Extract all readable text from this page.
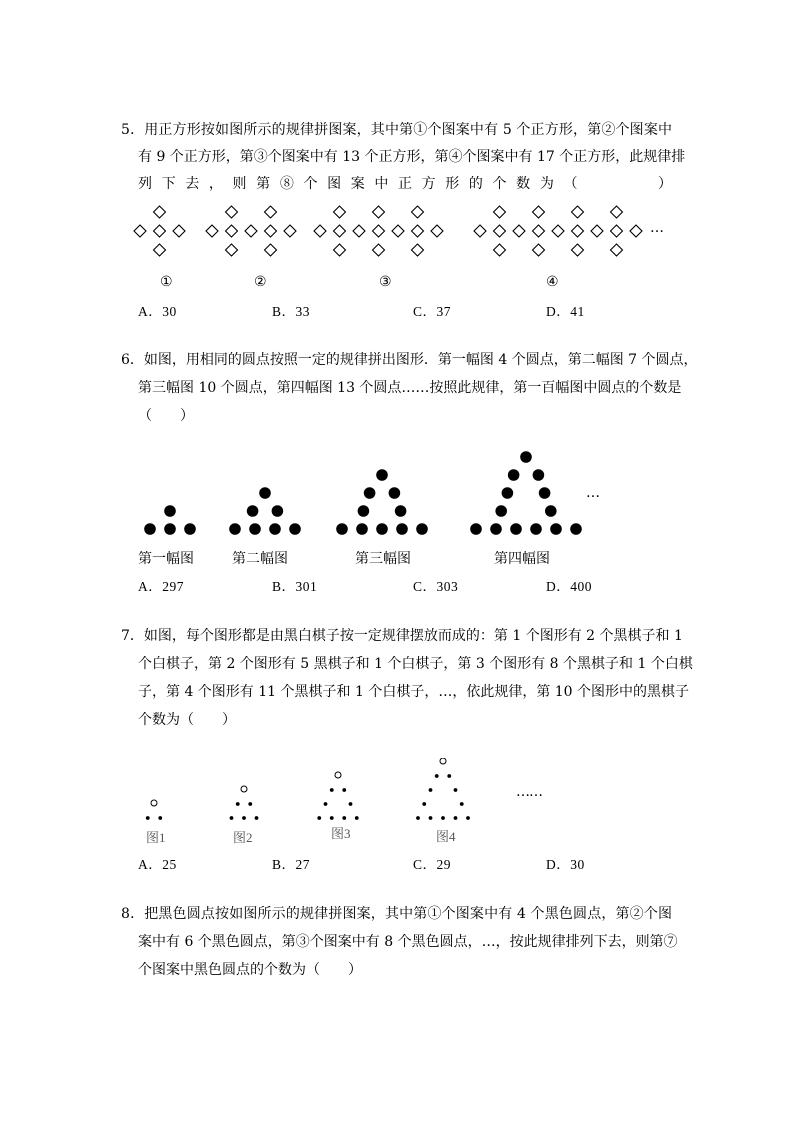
5．用正方形按如图所示的规律拼图案，其中第①个图案中有 5 个正方形，第②个图案中
有 9 个正方形，第③个图案中有 13 个正方形，第④个图案中有 17 个正方形，此规律排
列下去，则第⑧个图案中正方形的个数为（　　　）
…
①	②	③	④
A．30	B．33	C．37	D．41
6．如图，用相同的圆点按照一定的规律拼出图形．第一幅图 4 个圆点，第二幅图 7 个圆点，
第三幅图 10 个圆点，第四幅图 13 个圆点……按照此规律，第一百幅图中圆点的个数是
（　　）
…
第一幅图	第二幅图	第三幅图	第四幅图
A．297	B．301	C．303	D．400
7．如图，每个图形都是由黑白棋子按一定规律摆放而成的：第 1 个图形有 2 个黑棋子和 1
个白棋子，第 2 个图形有 5 黑棋子和 1 个白棋子，第 3 个图形有 8 个黑棋子和 1 个白棋
子，第 4 个图形有 11 个黑棋子和 1 个白棋子，…，依此规律，第 10 个图形中的黑棋子
个数为（　　）
……
图1	图2	图3	图4
A．25	B．27	C．29	D．30
8．把黑色圆点按如图所示的规律拼图案，其中第①个图案中有 4 个黑色圆点，第②个图
案中有 6 个黑色圆点，第③个图案中有 8 个黑色圆点，…，按此规律排列下去，则第⑦
个图案中黑色圆点的个数为（　　）
